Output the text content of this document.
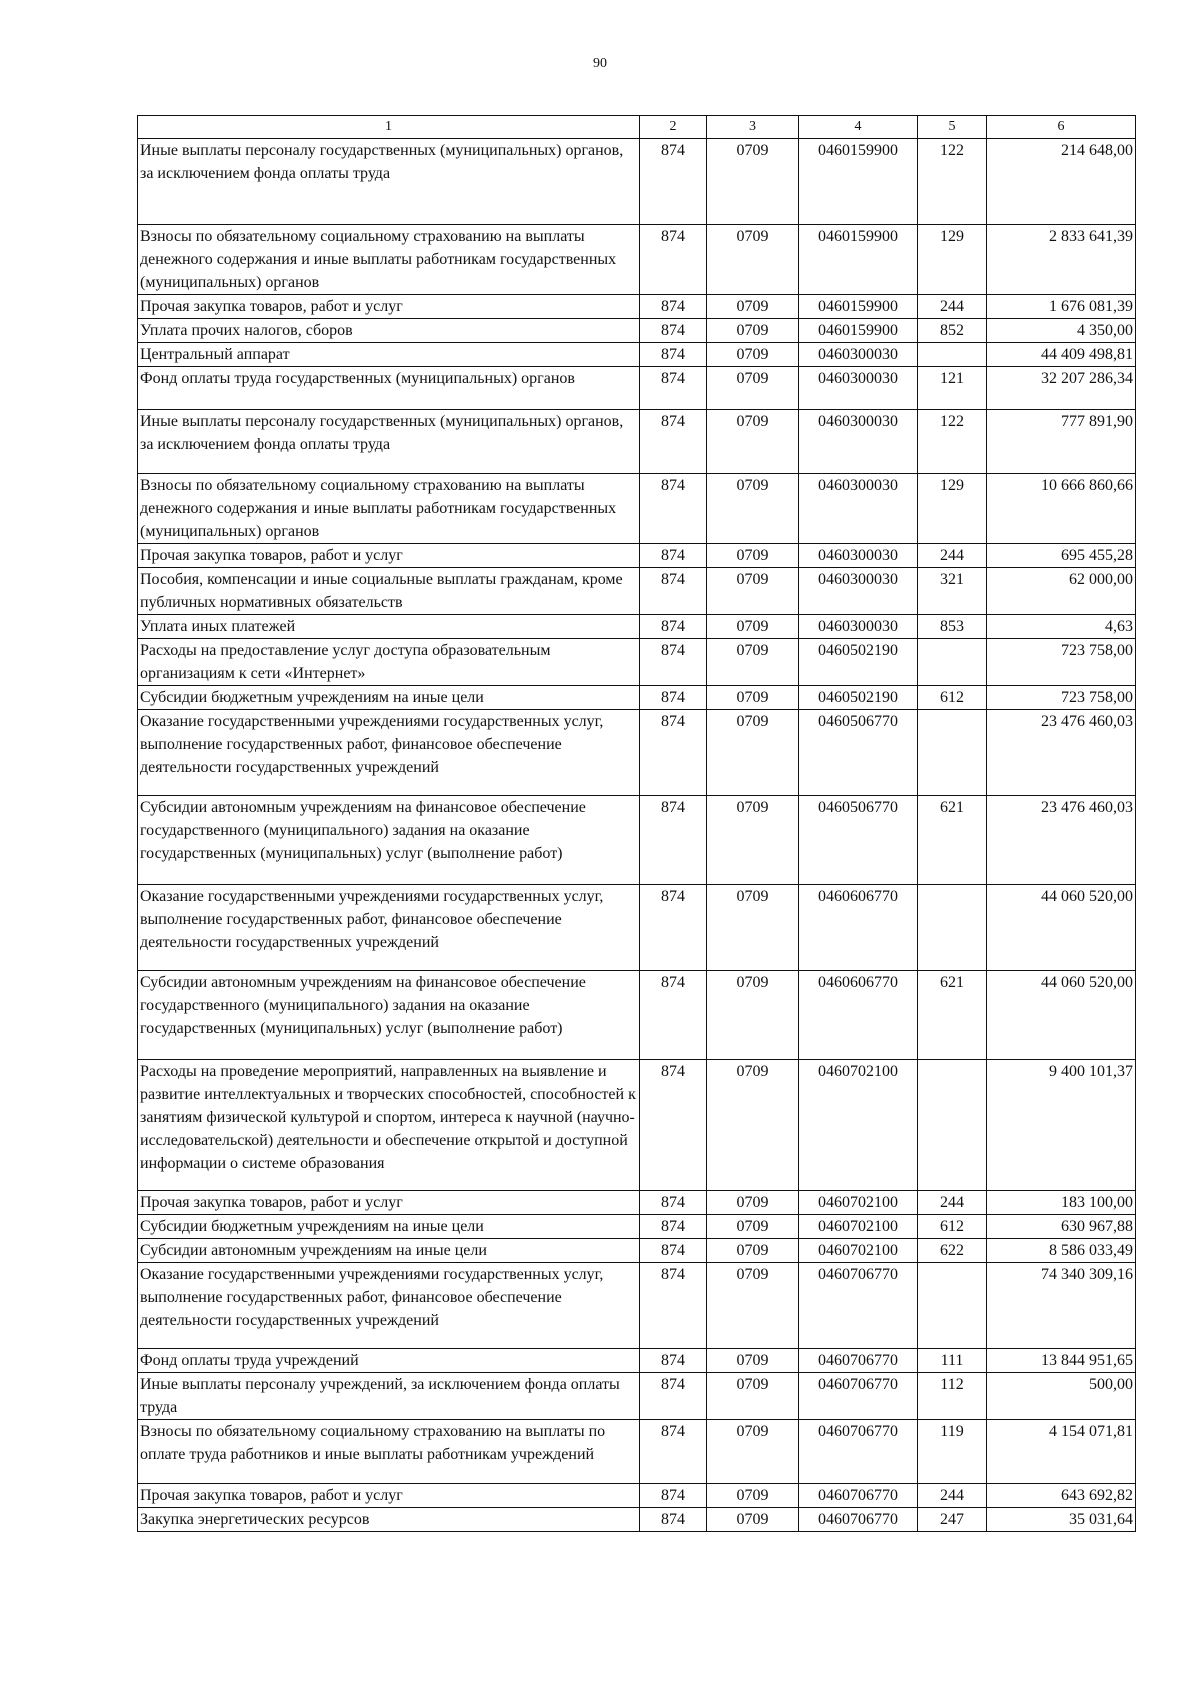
90
1	2	3	4	5	6
Иные выплаты персоналу государственных (муниципальных) органов, за исключением фонда оплаты труда	874	0709	0460159900	122	214 648,00
Взносы по обязательному социальному страхованию на выплаты денежного содержания и иные выплаты работникам государственных (муниципальных) органов	874	0709	0460159900	129	2 833 641,39
Прочая закупка товаров, работ и услуг	874	0709	0460159900	244	1 676 081,39
Уплата прочих налогов, сборов	874	0709	0460159900	852	4 350,00
Центральный аппарат	874	0709	0460300030		44 409 498,81
Фонд оплаты труда государственных (муниципальных) органов	874	0709	0460300030	121	32 207 286,34
Иные выплаты персоналу государственных (муниципальных) органов, за исключением фонда оплаты труда	874	0709	0460300030	122	777 891,90
Взносы по обязательному социальному страхованию на выплаты денежного содержания и иные выплаты работникам государственных (муниципальных) органов	874	0709	0460300030	129	10 666 860,66
Прочая закупка товаров, работ и услуг	874	0709	0460300030	244	695 455,28
Пособия, компенсации и иные социальные выплаты гражданам, кроме публичных нормативных обязательств	874	0709	0460300030	321	62 000,00
Уплата иных платежей	874	0709	0460300030	853	4,63
Расходы на предоставление услуг доступа образовательным организациям к сети «Интернет»	874	0709	0460502190		723 758,00
Субсидии бюджетным учреждениям на иные цели	874	0709	0460502190	612	723 758,00
Оказание государственными учреждениями государственных услуг, выполнение государственных работ, финансовое обеспечение деятельности государственных учреждений	874	0709	0460506770		23 476 460,03
Субсидии автономным учреждениям на финансовое обеспечение государственного (муниципального) задания на оказание государственных (муниципальных) услуг (выполнение работ)	874	0709	0460506770	621	23 476 460,03
Оказание государственными учреждениями государственных услуг, выполнение государственных работ, финансовое обеспечение деятельности государственных учреждений	874	0709	0460606770		44 060 520,00
Субсидии автономным учреждениям на финансовое обеспечение государственного (муниципального) задания на оказание государственных (муниципальных) услуг (выполнение работ)	874	0709	0460606770	621	44 060 520,00
Расходы на проведение мероприятий, направленных на выявление и развитие интеллектуальных и творческих способностей, способностей к занятиям физической культурой и спортом, интереса к научной (научно-исследовательской) деятельности и обеспечение открытой и доступной информации о системе образования	874	0709	0460702100		9 400 101,37
Прочая закупка товаров, работ и услуг	874	0709	0460702100	244	183 100,00
Субсидии бюджетным учреждениям на иные цели	874	0709	0460702100	612	630 967,88
Субсидии автономным учреждениям на иные цели	874	0709	0460702100	622	8 586 033,49
Оказание государственными учреждениями государственных услуг, выполнение государственных работ, финансовое обеспечение деятельности государственных учреждений	874	0709	0460706770		74 340 309,16
Фонд оплаты труда учреждений	874	0709	0460706770	111	13 844 951,65
Иные выплаты персоналу учреждений, за исключением фонда оплаты труда	874	0709	0460706770	112	500,00
Взносы по обязательному социальному страхованию на выплаты по оплате труда работников и иные выплаты работникам учреждений	874	0709	0460706770	119	4 154 071,81
Прочая закупка товаров, работ и услуг	874	0709	0460706770	244	643 692,82
Закупка энергетических ресурсов	874	0709	0460706770	247	35 031,64
